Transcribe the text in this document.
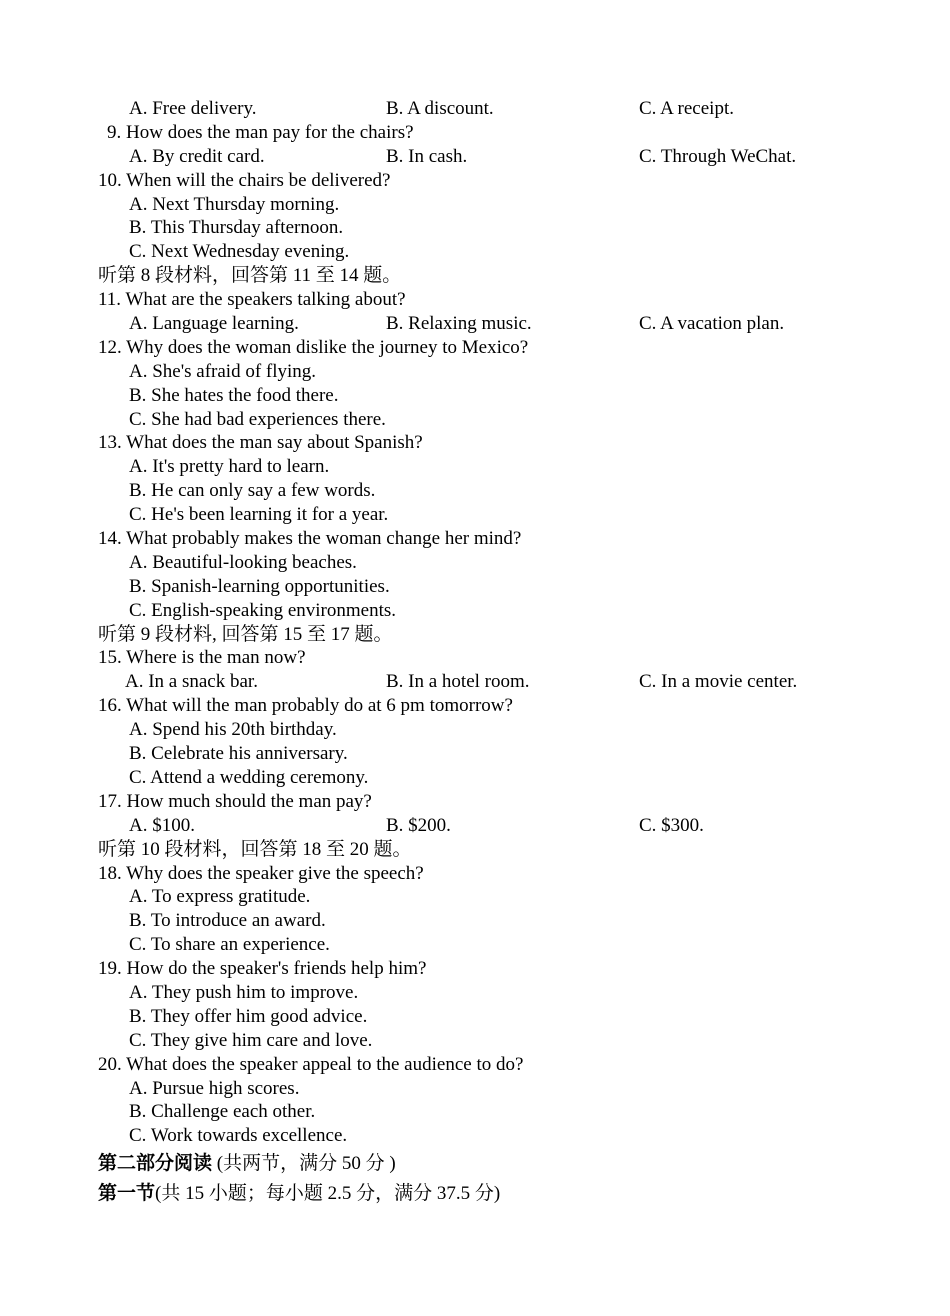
A. Free delivery.	B. A discount.	C. A receipt.
9. How does the man pay for the chairs?
A. By credit card.	B. In cash.	C. Through WeChat.
10. When will the chairs be delivered?
A. Next Thursday morning.
B. This Thursday afternoon.
C. Next Wednesday evening.
听第 8 段材料，回答第 11 至 14 题。
11. What are the speakers talking about?
A. Language learning.	B. Relaxing music.	C. A vacation plan.
12. Why does the woman dislike the journey to Mexico?
A. She's afraid of flying.
B. She hates the food there.
C. She had bad experiences there.
13. What does the man say about Spanish?
A. It's pretty hard to learn.
B. He can only say a few words.
C. He's been learning it for a year.
14. What probably makes the woman change her mind?
A. Beautiful-looking beaches.
B. Spanish-learning opportunities.
C. English-speaking environments.
听第 9 段材料, 回答第 15 至 17 题。
15. Where is the man now?
A. In a snack bar.	B. In a hotel room.	C. In a movie center.
16. What will the man probably do at 6 pm tomorrow?
A. Spend his 20th birthday.
B. Celebrate his anniversary.
C. Attend a wedding ceremony.
17. How much should the man pay?
A. $100.	B. $200.	C. $300.
听第 10 段材料，回答第 18 至 20 题。
18. Why does the speaker give the speech?
A. To express gratitude.
B. To introduce an award.
C. To share an experience.
19. How do the speaker's friends help him?
A. They push him to improve.
B. They offer him good advice.
C. They give him care and love.
20. What does the speaker appeal to the audience to do?
A. Pursue high scores.
B. Challenge each other.
C. Work towards excellence.
第二部分阅读 (共两节，满分 50 分 )
第一节(共 15 小题；每小题 2.5 分，满分 37.5 分)
